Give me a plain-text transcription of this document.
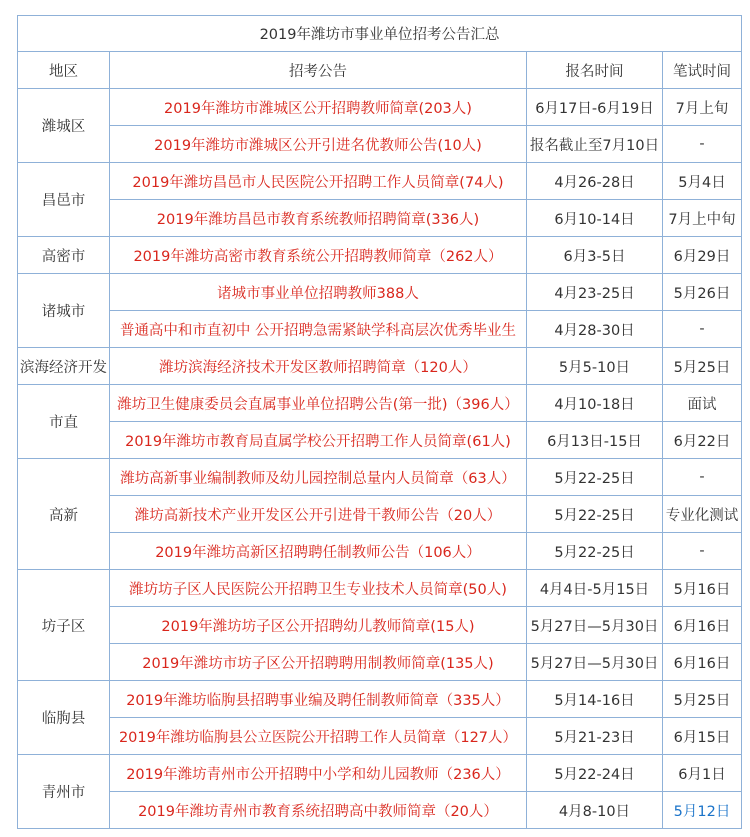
2019年潍坊市事业单位招考公告汇总			
地区	招考公告	报名时间	笔试时间
潍城区	2019年潍坊市潍城区公开招聘教师简章(203人)	6月17日-6月19日	7月上旬
	2019年潍坊市潍城区公开引进名优教师公告(10人)	报名截止至7月10日	-
昌邑市	2019年潍坊昌邑市人民医院公开招聘工作人员简章(74人)	4月26-28日	5月4日
	2019年潍坊昌邑市教育系统教师招聘简章(336人)	6月10-14日	7月上中旬
高密市	2019年潍坊高密市教育系统公开招聘教师简章（262人）	6月3-5日	6月29日
诸城市	诸城市事业单位招聘教师388人	4月23-25日	5月26日
	普通高中和市直初中 公开招聘急需紧缺学科高层次优秀毕业生	4月28-30日	-
滨海经济开发	潍坊滨海经济技术开发区教师招聘简章（120人）	5月5-10日	5月25日
市直	潍坊卫生健康委员会直属事业单位招聘公告(第一批)（396人）	4月10-18日	面试
	2019年潍坊市教育局直属学校公开招聘工作人员简章(61人)	6月13日-15日	6月22日
高新	潍坊高新事业编制教师及幼儿园控制总量内人员简章（63人）	5月22-25日	-
	潍坊高新技术产业开发区公开引进骨干教师公告（20人）	5月22-25日	专业化测试
	2019年潍坊高新区招聘聘任制教师公告（106人）	5月22-25日	-
坊子区	潍坊坊子区人民医院公开招聘卫生专业技术人员简章(50人)	4月4日-5月15日	5月16日
	2019年潍坊坊子区公开招聘幼儿教师简章(15人)	5月27日—5月30日	6月16日
	2019年潍坊市坊子区公开招聘聘用制教师简章(135人)	5月27日—5月30日	6月16日
临朐县	2019年潍坊临朐县招聘事业编及聘任制教师简章（335人）	5月14-16日	5月25日
	2019年潍坊临朐县公立医院公开招聘工作人员简章（127人）	5月21-23日	6月15日
青州市	2019年潍坊青州市公开招聘中小学和幼儿园教师（236人）	5月22-24日	6月1日
	2019年潍坊青州市教育系统招聘高中教师简章（20人）	4月8-10日	5月12日
